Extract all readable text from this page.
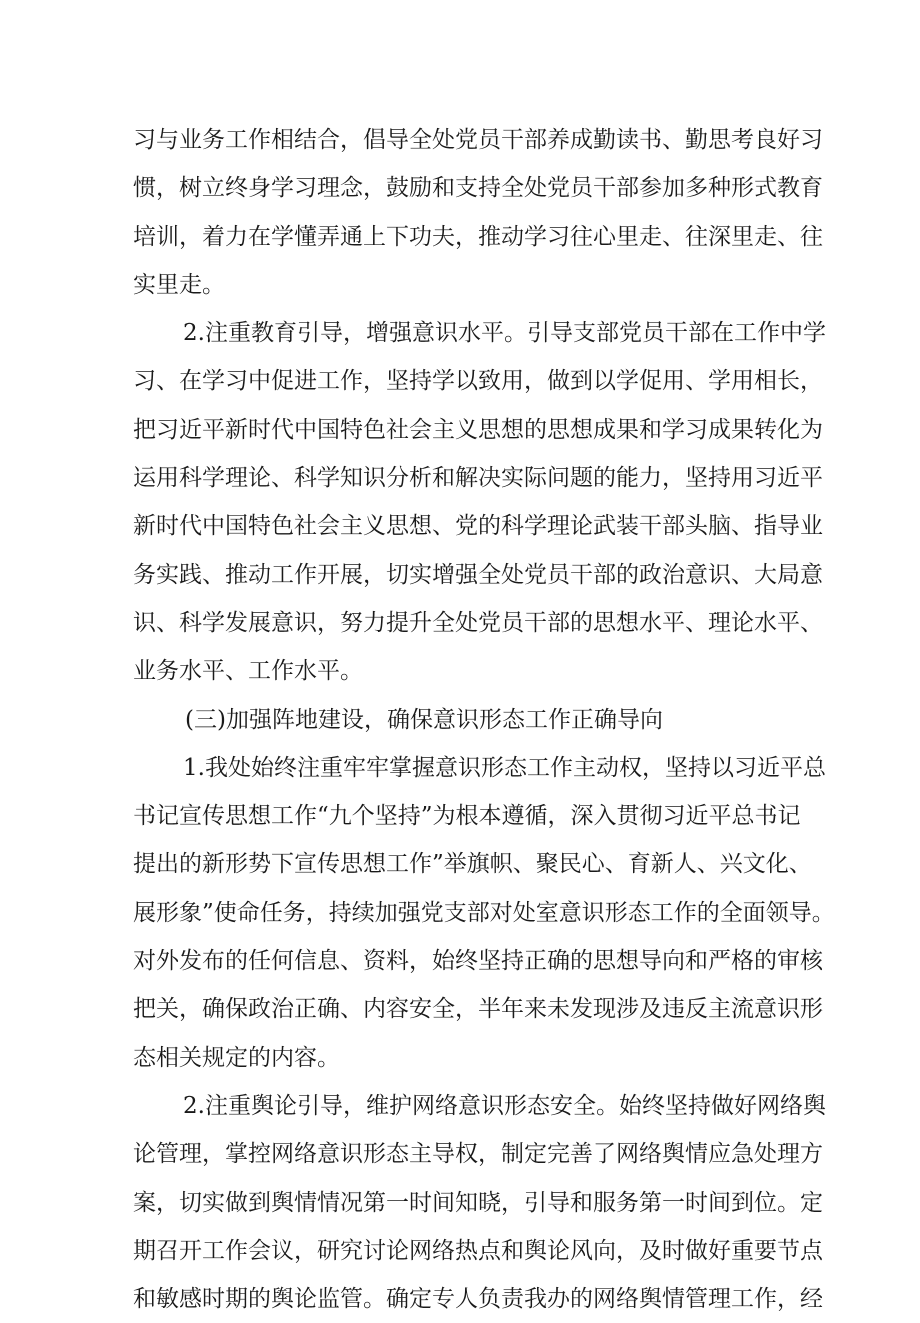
习与业务工作相结合，倡导全处党员干部养成勤读书、勤思考良好习
惯，树立终身学习理念，鼓励和支持全处党员干部参加多种形式教育
培训，着力在学懂弄通上下功夫，推动学习往心里走、往深里走、往
实里走。
2.注重教育引导，增强意识水平。引导支部党员干部在工作中学
习、在学习中促进工作，坚持学以致用，做到以学促用、学用相长，
把习近平新时代中国特色社会主义思想的思想成果和学习成果转化为
运用科学理论、科学知识分析和解决实际问题的能力，坚持用习近平
新时代中国特色社会主义思想、党的科学理论武装干部头脑、指导业
务实践、推动工作开展，切实增强全处党员干部的政治意识、大局意
识、科学发展意识，努力提升全处党员干部的思想水平、理论水平、
业务水平、工作水平。
(三)加强阵地建设，确保意识形态工作正确导向
1.我处始终注重牢牢掌握意识形态工作主动权，坚持以习近平总
书记宣传思想工作“九个坚持”为根本遵循，深入贯彻习近平总书记
提出的新形势下宣传思想工作”举旗帜、聚民心、育新人、兴文化、
展形象”使命任务，持续加强党支部对处室意识形态工作的全面领导。
对外发布的任何信息、资料，始终坚持正确的思想导向和严格的审核
把关，确保政治正确、内容安全，半年来未发现涉及违反主流意识形
态相关规定的内容。
2.注重舆论引导，维护网络意识形态安全。始终坚持做好网络舆
论管理，掌控网络意识形态主导权，制定完善了网络舆情应急处理方
案，切实做到舆情情况第一时间知晓，引导和服务第一时间到位。定
期召开工作会议，研究讨论网络热点和舆论风向，及时做好重要节点
和敏感时期的舆论监管。确定专人负责我办的网络舆情管理工作，经
